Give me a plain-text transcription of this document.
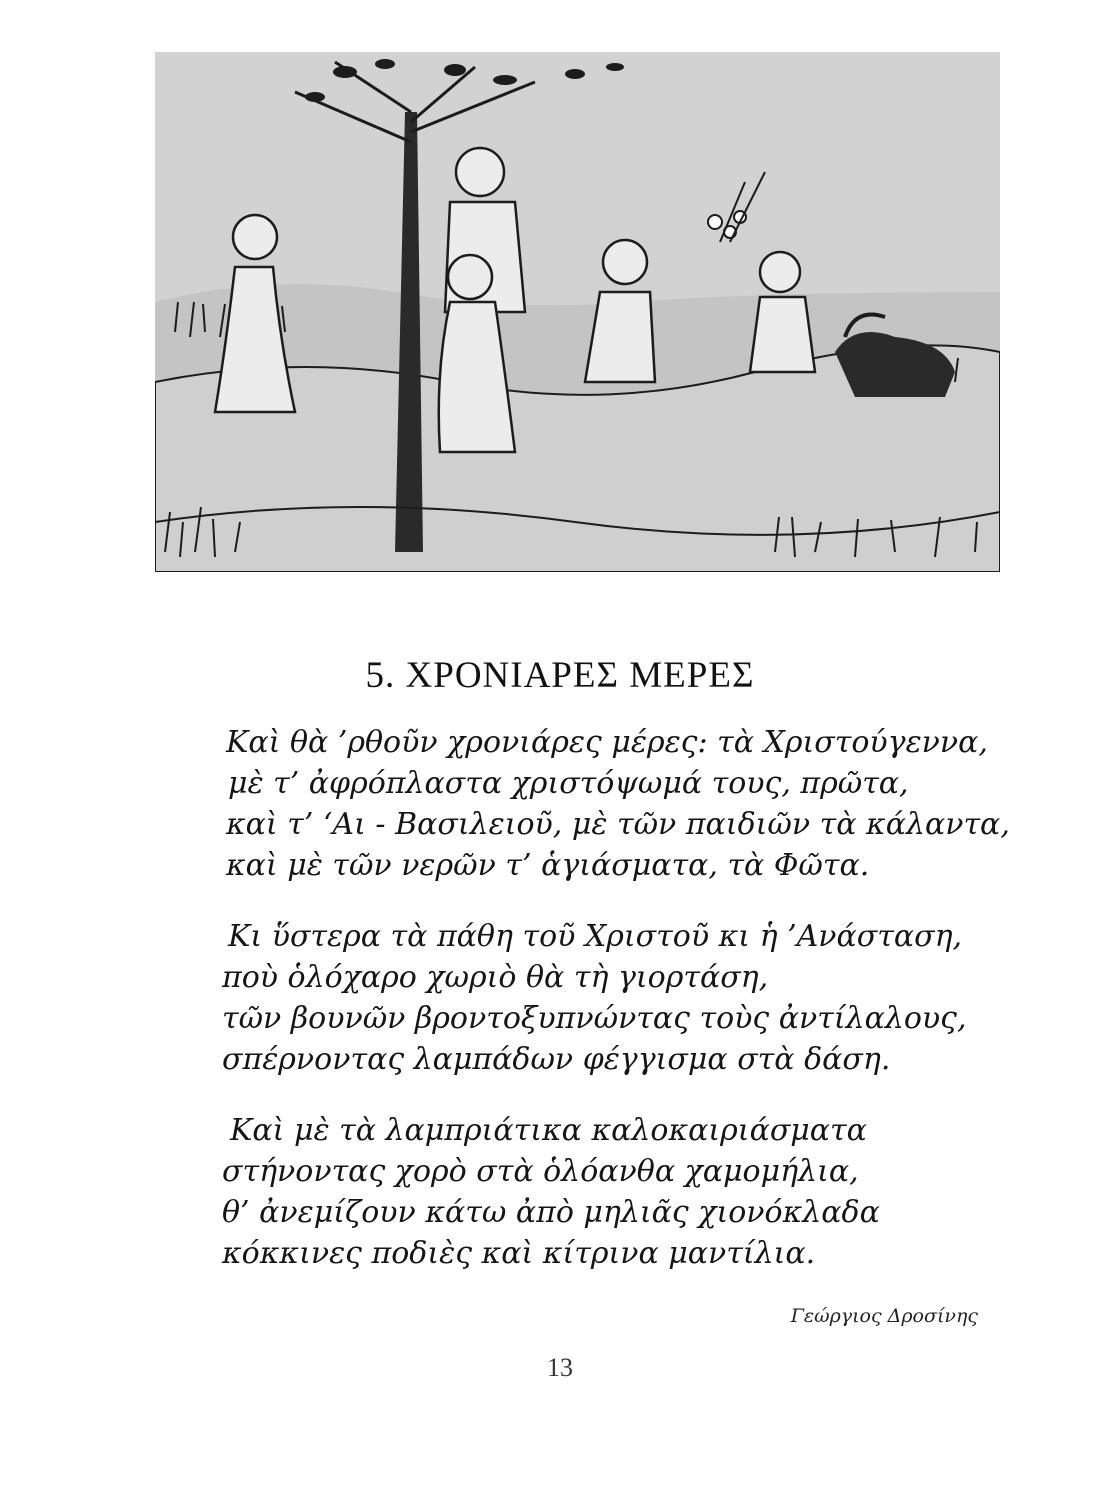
5. ΧΡΟΝΙΑΡΕΣ ΜΕΡΕΣ
Καὶ θὰ ’ρθοῦν χρονιάρες μέρες: τὰ Χριστούγεννα,
μὲ τ’ ἀφρόπλαστα χριστόψωμά τους, πρῶτα,
καὶ τ’ ‘Αι - Βασιλειοῦ, μὲ τῶν παιδιῶν τὰ κάλαντα,
καὶ μὲ τῶν νερῶν τ’ ἁγιάσματα, τὰ Φῶτα.
Κι ὕστερα τὰ πάθη τοῦ Χριστοῦ κι ἡ ’Ανάσταση,
ποὺ ὁλόχαρο χωριὸ θὰ τὴ γιορτάση,
τῶν βουνῶν βροντοξυπνώντας τοὺς ἀντίλαλους,
σπέρνοντας λαμπάδων φέγγισμα στὰ δάση.
Καὶ μὲ τὰ λαμπριάτικα καλοκαιριάσματα
στήνοντας χορὸ στὰ ὁλόανθα χαμομήλια,
θ’ ἀνεμίζουν κάτω ἀπὸ μηλιᾶς χιονόκλαδα
κόκκινες ποδιὲς καὶ κίτρινα μαντίλια.
Γεώργιος Δροσίνης
13
